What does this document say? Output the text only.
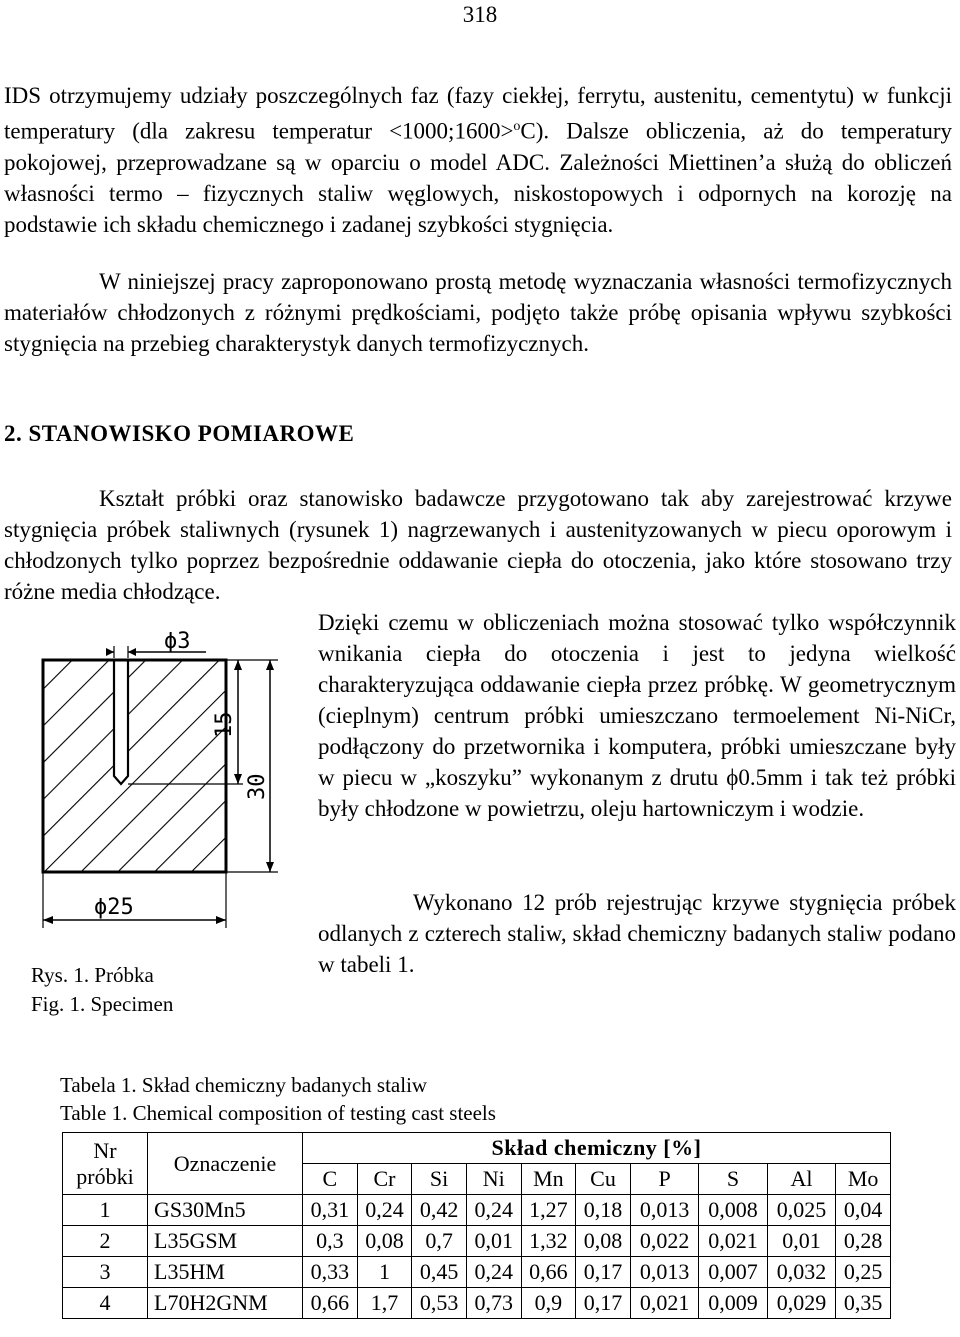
318

IDS otrzymujemy udziały poszczególnych faz (fazy ciekłej, ferrytu, austenitu, cementytu) w funkcji temperatury (dla zakresu temperatur <1000;1600>$^o$C). Dalsze obliczenia, aż do temperatury pokojowej, przeprowadzane są w oparciu o model ADC. Zależności Miettinen’a służą do obliczeń własności termo – fizycznych staliw węglowych, niskostopowych i odpornych na korozję na podstawie ich składu chemicznego i zadanej szybkości stygnięcia.

W niniejszej pracy zaproponowano prostą metodę wyznaczania własności termofizycznych materiałów chłodzonych z różnymi prędkościami, podjęto także próbę opisania wpływu szybkości stygnięcia na przebieg charakterystyk danych termofizycznych.

2. STANOWISKO POMIAROWE

Kształt próbki oraz stanowisko badawcze przygotowano tak aby zarejestrować krzywe stygnięcia próbek staliwnych (rysunek 1) nagrzewanych i austenityzowanych w piecu oporowym i chłodzonych tylko poprzez bezpośrednie oddawanie ciepła do otoczenia, jako które stosowano trzy różne media chłodzące.

Dzięki czemu w obliczeniach można stosować tylko współczynnik wnikania ciepła do otoczenia i jest to jedyna wielkość charakteryzująca oddawanie ciepła przez próbkę. W geometrycznym (cieplnym) centrum próbki umieszczano termoelement Ni-NiCr, podłączony do przetwornika i komputera, próbki umieszczane były w piecu w „koszyku” wykonanym z drutu ϕ0.5mm i tak też próbki były chłodzone w powietrzu, oleju hartowniczym i wodzie.

Wykonano 12 prób rejestrując krzywe stygnięcia próbek odlanych z czterech staliw, skład chemiczny badanych staliw podano w tabeli 1.

ϕ3
15
30
ϕ25
Rys. 1. Próbka
Fig. 1. Specimen
Tabela 1. Skład chemiczny badanych staliw
Table 1. Chemical composition of testing cast steels
Nr próbki	Oznaczenie	Skład chemiczny [%]									
		C	Cr	Si	Ni	Mn	Cu	P	S	Al	Mo
1	GS30Mn5	0,31	0,24	0,42	0,24	1,27	0,18	0,013	0,008	0,025	0,04
2	L35GSM	0,3	0,08	0,7	0,01	1,32	0,08	0,022	0,021	0,01	0,28
3	L35HM	0,33	1	0,45	0,24	0,66	0,17	0,013	0,007	0,032	0,25
4	L70H2GNM	0,66	1,7	0,53	0,73	0,9	0,17	0,021	0,009	0,029	0,35
